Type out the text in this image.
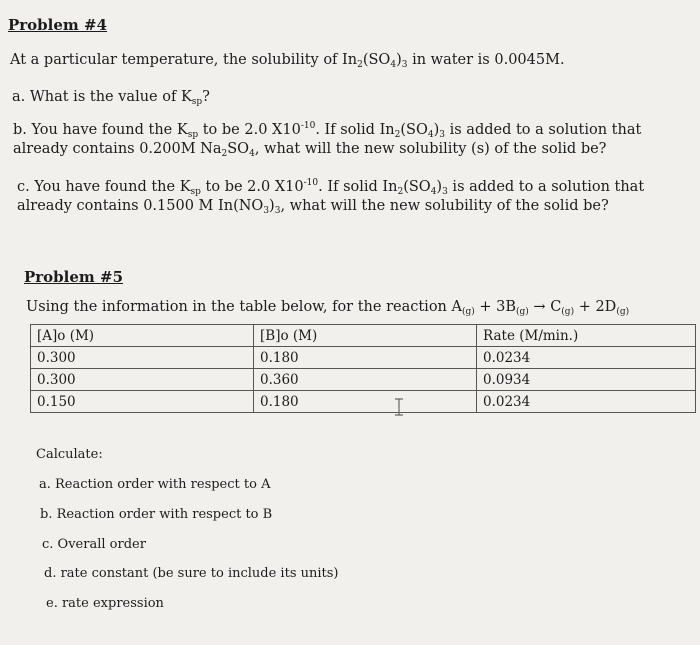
Problem #4
At a particular temperature, the solubility of $In_2(SO_4)_3$ in water is 0.0045M.
a. What is the value of $K_{sp}$?
b. You have found the $K_{sp}$ to be 2.0 $X10^{-10}$. If solid $In_2(SO_4)_3$ is added to a solution that
already contains 0.200M $Na_2SO_4$, what will the new solubility (s) of the solid be?
c. You have found the $K_{sp}$ to be 2.0 $X10^{-10}$. If solid $In_2(SO_4)_3$ is added to a solution that
already contains 0.1500 M $In(NO_3)_3$, what will the new solubility of the solid be?
Problem #5
Using the information in the table below, for the reaction $A_{(g)} + 3B_{(g)} \to C_{(g)} + 2D_{(g)}$
[A]o (M)	[B]o (M)	Rate (M/min.)
0.300	0.180	0.0234
0.300	0.360	0.0934
0.150	0.180	0.0234
Calculate:
a. Reaction order with respect to A
b. Reaction order with respect to B
c. Overall order
d. rate constant (be sure to include its units)
e. rate expression
